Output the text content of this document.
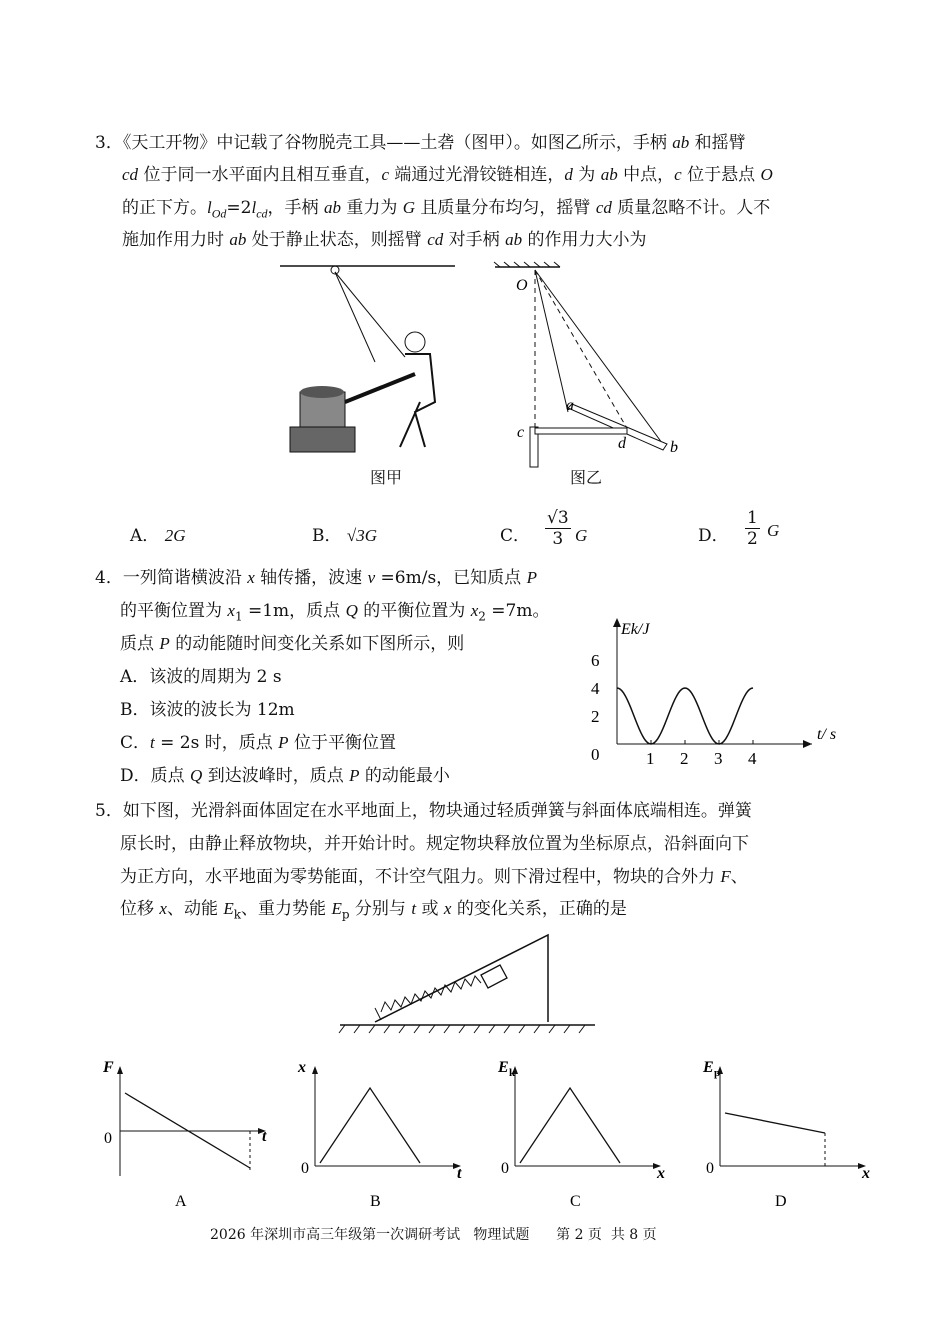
3．《天工开物》中记载了谷物脱壳工具——土砻（图甲）。如图乙所示，手柄 ab 和摇臂
cd 位于同一水平面内且相互垂直，c 端通过光滑铰链相连，d 为 ab 中点，c 位于悬点 O
的正下方。$l_{Od}=2l_{cd}$，手柄 ab 重力为 G 且质量分布均匀，摇臂 cd 质量忽略不计。人不
施加作用力时 ab 处于静止状态，则摇臂 cd 对手柄 ab 的作用力大小为
图甲
O
a
b
c
d
图乙
A． 2G	B． √3G	C． $\frac{√3}{3}$ G	D． $\frac{1}{2}$ G
4．一列简谐横波沿 x 轴传播，波速 v =6m/s，已知质点 P
的平衡位置为 $x_1 =1m$，质点 Q 的平衡位置为 $x_2 =7m$。
质点 P 的动能随时间变化关系如下图所示，则
A．该波的周期为 2 s
B．该波的波长为 12m
C．t = 2s 时，质点 P 位于平衡位置
D．质点 Q 到达波峰时，质点 P 的动能最小
1 2 3 4
0
2
4
6
Ek/J
t/ s
5．如下图，光滑斜面体固定在水平地面上，物块通过轻质弹簧与斜面体底端相连。弹簧
原长时，由静止释放物块，并开始计时。规定物块释放位置为坐标原点，沿斜面向下
为正方向，水平地面为零势能面，不计空气阻力。则下滑过程中，物块的合外力 F、
位移 x、动能 $E_k$、重力势能 $E_p$ 分别与 t 或 x 的变化关系，正确的是
F
t
0
A
x
t
0
B
E k
x
0
C
E p
x
0
D
2026 年深圳市高三年级第一次调研考试   物理试题      第 2 页  共 8 页
